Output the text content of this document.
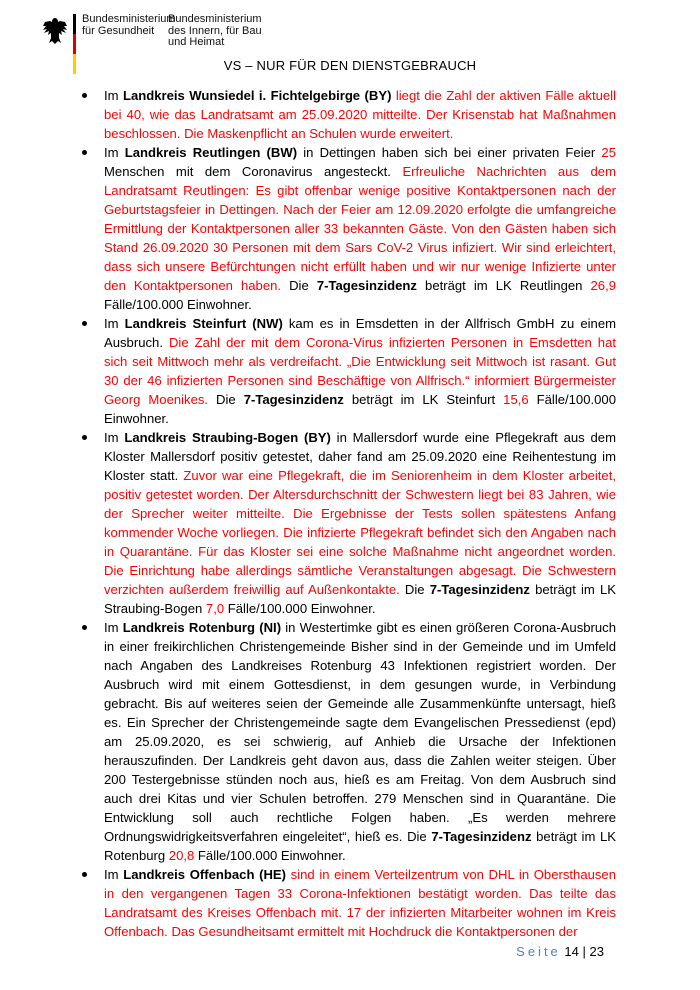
Bundesministerium
für Gesundheit
Bundesministerium
des Innern, für Bau
und Heimat
VS – NUR FÜR DEN DIENSTGEBRAUCH
Im Landkreis Wunsiedel i. Fichtelgebirge (BY) liegt die Zahl der aktiven Fälle aktuell bei 40, wie das Landratsamt am 25.09.2020 mitteilte. Der Krisenstab hat Maßnahmen beschlossen. Die Maskenpflicht an Schulen wurde erweitert.
Im Landkreis Reutlingen (BW) in Dettingen haben sich bei einer privaten Feier 25 Menschen mit dem Coronavirus angesteckt. Erfreuliche Nachrichten aus dem Landratsamt Reutlingen: Es gibt offenbar wenige positive Kontaktpersonen nach der Geburtstagsfeier in Dettingen. Nach der Feier am 12.09.2020 erfolgte die umfangreiche Ermittlung der Kontaktpersonen aller 33 bekannten Gäste. Von den Gästen haben sich Stand 26.09.2020 30 Personen mit dem Sars CoV-2 Virus infiziert. Wir sind erleichtert, dass sich unsere Befürchtungen nicht erfüllt haben und wir nur wenige Infizierte unter den Kontaktpersonen haben. Die 7-Tagesinzidenz beträgt im LK Reutlingen 26,9 Fälle/100.000 Einwohner.
Im Landkreis Steinfurt (NW) kam es in Emsdetten in der Allfrisch GmbH zu einem Ausbruch. Die Zahl der mit dem Corona-Virus infizierten Personen in Emsdetten hat sich seit Mittwoch mehr als verdreifacht. „Die Entwicklung seit Mittwoch ist rasant. Gut 30 der 46 infizierten Personen sind Beschäftige von Allfrisch.“ informiert Bürgermeister Georg Moenikes. Die 7-Tagesinzidenz beträgt im LK Steinfurt 15,6 Fälle/100.000 Einwohner.
Im Landkreis Straubing-Bogen (BY) in Mallersdorf wurde eine Pflegekraft aus dem Kloster Mallersdorf positiv getestet, daher fand am 25.09.2020 eine Reihentestung im Kloster statt. Zuvor war eine Pflegekraft, die im Seniorenheim in dem Kloster arbeitet, positiv getestet worden. Der Altersdurchschnitt der Schwestern liegt bei 83 Jahren, wie der Sprecher weiter mitteilte. Die Ergebnisse der Tests sollen spätestens Anfang kommender Woche vorliegen. Die infizierte Pflegekraft befindet sich den Angaben nach in Quarantäne. Für das Kloster sei eine solche Maßnahme nicht angeordnet worden. Die Einrichtung habe allerdings sämtliche Veranstaltungen abgesagt. Die Schwestern verzichten außerdem freiwillig auf Außenkontakte. Die 7-Tagesinzidenz beträgt im LK Straubing-Bogen 7,0 Fälle/100.000 Einwohner.
Im Landkreis Rotenburg (NI) in Westertimke gibt es einen größeren Corona-Ausbruch in einer freikirchlichen Christengemeinde Bisher sind in der Gemeinde und im Umfeld nach Angaben des Landkreises Rotenburg 43 Infektionen registriert worden. Der Ausbruch wird mit einem Gottesdienst, in dem gesungen wurde, in Verbindung gebracht. Bis auf weiteres seien der Gemeinde alle Zusammenkünfte untersagt, hieß es. Ein Sprecher der Christengemeinde sagte dem Evangelischen Pressedienst (epd) am 25.09.2020, es sei schwierig, auf Anhieb die Ursache der Infektionen herauszufinden. Der Landkreis geht davon aus, dass die Zahlen weiter steigen. Über 200 Testergebnisse stünden noch aus, hieß es am Freitag. Von dem Ausbruch sind auch drei Kitas und vier Schulen betroffen. 279 Menschen sind in Quarantäne. Die Entwicklung soll auch rechtliche Folgen haben. „Es werden mehrere Ordnungswidrigkeitsverfahren eingeleitet“, hieß es. Die 7-Tagesinzidenz beträgt im LK Rotenburg 20,8 Fälle/100.000 Einwohner.
Im Landkreis Offenbach (HE) sind in einem Verteilzentrum von DHL in Obersthausen in den vergangenen Tagen 33 Corona-Infektionen bestätigt worden. Das teilte das Landratsamt des Kreises Offenbach mit. 17 der infizierten Mitarbeiter wohnen im Kreis Offenbach. Das Gesundheitsamt ermittelt mit Hochdruck die Kontaktpersonen der
Seite 14 | 23
